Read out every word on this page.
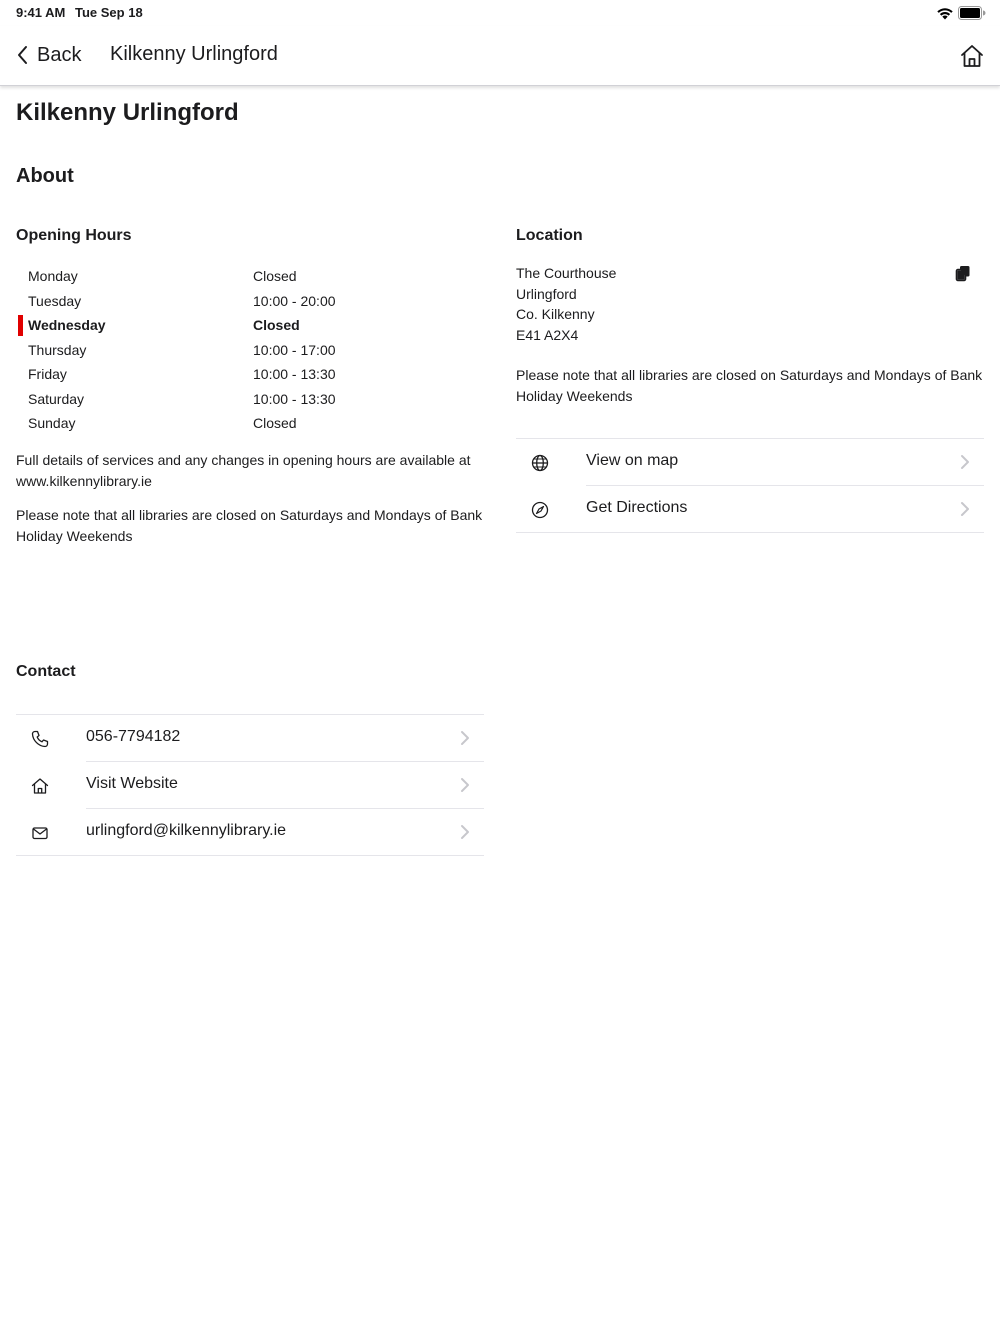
9:41 AM Tue Sep 18
Back Kilkenny Urlingford
Kilkenny Urlingford
About
Opening Hours
Monday	Closed
Tuesday	10:00 - 20:00
Wednesday	Closed
Thursday	10:00 - 17:00
Friday	10:00 - 13:30
Saturday	10:00 - 13:30
Sunday	Closed
Full details of services and any changes in opening hours are available at
www.kilkennylibrary.ie
Please note that all libraries are closed on Saturdays and Mondays of Bank
Holiday Weekends
Location
The Courthouse
Urlingford
Co. Kilkenny
E41 A2X4
Please note that all libraries are closed on Saturdays and Mondays of Bank
Holiday Weekends
View on map
Get Directions
Contact
056-7794182
Visit Website
urlingford@kilkennylibrary.ie
